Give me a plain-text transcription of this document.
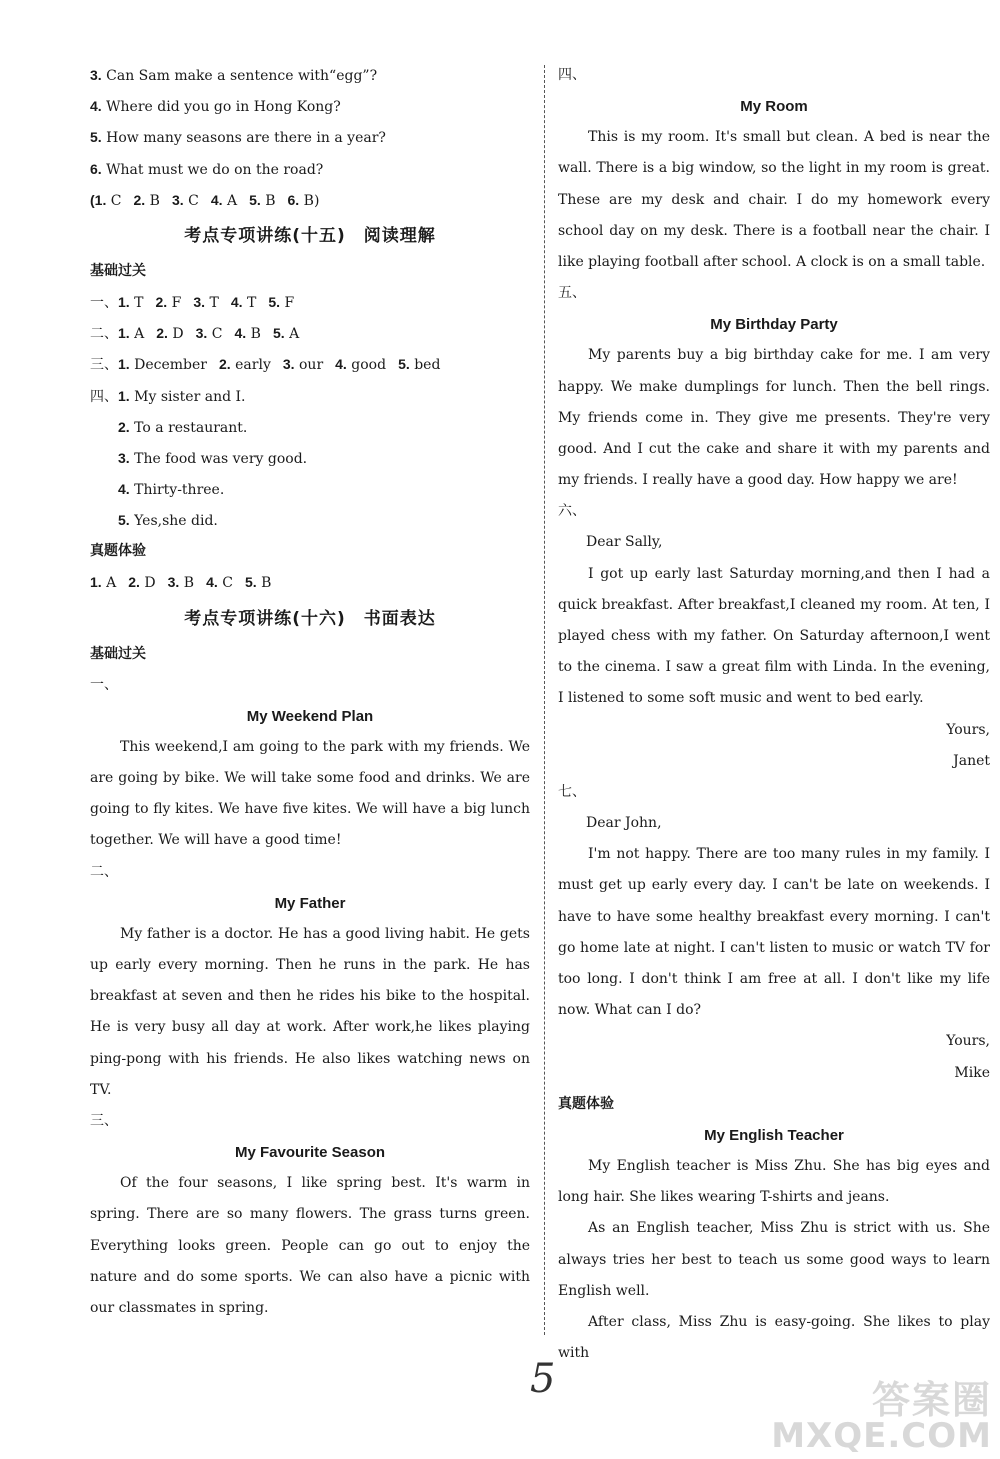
3. Can Sam make a sentence with“egg”?
4. Where did you go in Hong Kong?
5. How many seasons are there in a year?
6. What must we do on the road?
(1. C 2. B 3. C 4. A 5. B 6. B)
考点专项讲练(十五)　阅读理解
基础过关
一、1. T 2. F 3. T 4. T 5. F
二、1. A 2. D 3. C 4. B 5. A
三、1. December 2. early 3. our 4. good 5. bed
四、1. My sister and I.
2. To a restaurant.
3. The food was very good.
4. Thirty-three.
5. Yes,she did.
真题体验
1. A 2. D 3. B 4. C 5. B
考点专项讲练(十六)　书面表达
基础过关
一、
My Weekend Plan

This weekend,I am going to the park with my friends. We are going by bike. We will take some food and drinks. We are going to fly kites. We have five kites. We will have a big lunch together. We will have a good time!

二、
My Father

My father is a doctor. He has a good living habit. He gets up early every morning. Then he runs in the park. He has breakfast at seven and then he rides his bike to the hospital. He is very busy all day at work. After work,he likes playing ping-pong with his friends. He also likes watching news on TV.

三、
My Favourite Season

Of the four seasons, I like spring best. It's warm in spring. There are so many flowers. The grass turns green. Everything looks green. People can go out to enjoy the nature and do some sports. We can also have a picnic with our classmates in spring.

四、
My Room

This is my room. It's small but clean. A bed is near the wall. There is a big window, so the light in my room is great. These are my desk and chair. I do my homework every school day on my desk. There is a football near the chair. I like playing football after school. A clock is on a small table.

五、
My Birthday Party

My parents buy a big birthday cake for me. I am very happy. We make dumplings for lunch. Then the bell rings. My friends come in. They give me presents. They're very good. And I cut the cake and share it with my parents and my friends. I really have a good day. How happy we are!

六、
Dear Sally,

I got up early last Saturday morning,and then I had a quick breakfast. After breakfast,I cleaned my room. At ten, I played chess with my father. On Saturday afternoon,I went to the cinema. I saw a great film with Linda. In the evening, I listened to some soft music and went to bed early.

Yours,
Janet
七、
Dear John,

I'm not happy. There are too many rules in my family. I must get up early every day. I can't be late on weekends. I have to have some healthy breakfast every morning. I can't go home late at night. I can't listen to music or watch TV for too long. I don't think I am free at all. I don't like my life now. What can I do?

Yours,
Mike
真题体验
My English Teacher

My English teacher is Miss Zhu. She has big eyes and long hair. She likes wearing T-shirts and jeans.

As an English teacher, Miss Zhu is strict with us. She always tries her best to teach us some good ways to learn English well.

After class, Miss Zhu is easy-going. She likes to play with

5	答案圈
MXQE.COM
